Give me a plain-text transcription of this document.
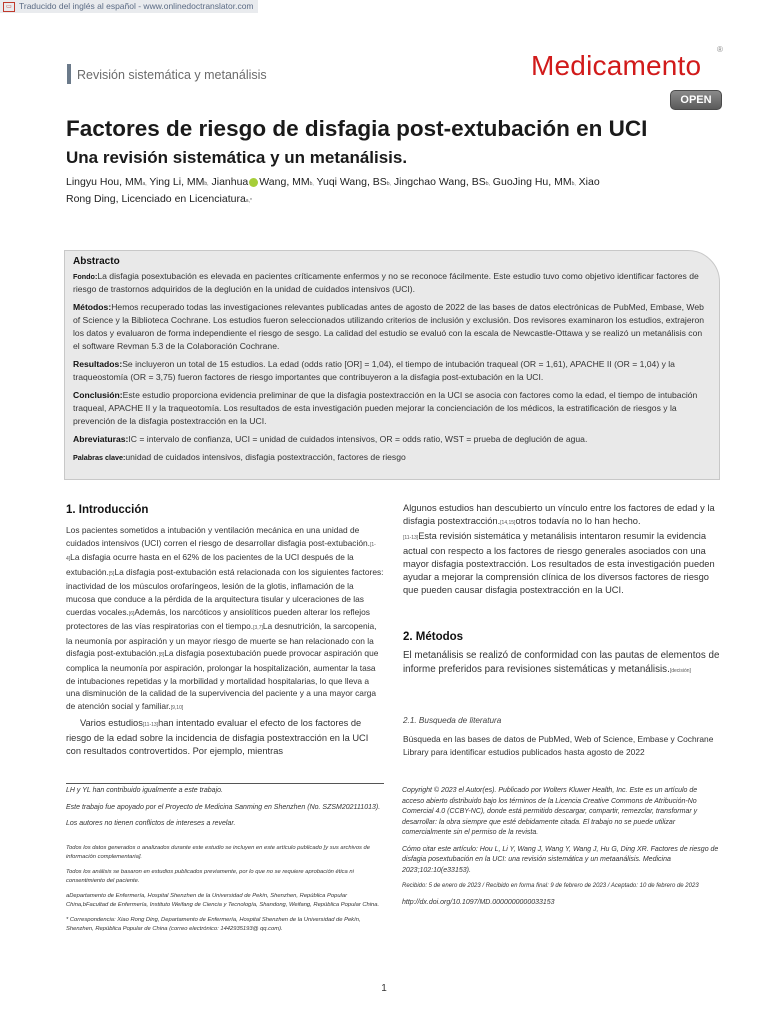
▭ Traducido del inglés al español - www.onlinedoctranslator.com
Revisión sistemática y metanálisis	Medicamento
®
OPEN
Factores de riesgo de disfagia post-extubación en UCI
Una revisión sistemática y un metanálisis.
Lingyu Hou, MMa, Ying Li, MMb, Jianhua Wang, MMb, Yuqi Wang, BSb, Jingchao Wang, BSb, GuoJing Hu, MMb, Xiao
Rong Ding, Licenciado en Licenciaturaa,*
Abstracto

Fondo:La disfagia posextubación es elevada en pacientes críticamente enfermos y no se reconoce fácilmente. Este estudio tuvo como objetivo identificar factores de riesgo de trastornos adquiridos de la deglución en la unidad de cuidados intensivos (UCI).

Métodos:Hemos recuperado todas las investigaciones relevantes publicadas antes de agosto de 2022 de las bases de datos electrónicas de PubMed, Embase, Web of Science y la Biblioteca Cochrane. Los estudios fueron seleccionados utilizando criterios de inclusión y exclusión. Dos revisores examinaron los estudios, extrajeron los datos y evaluaron de forma independiente el riesgo de sesgo. La calidad del estudio se evaluó con la escala de Newcastle-Ottawa y se realizó un metanálisis con el software Revman 5.3 de la Colaboración Cochrane.

Resultados:Se incluyeron un total de 15 estudios. La edad (odds ratio [OR] = 1,04), el tiempo de intubación traqueal (OR = 1,61), APACHE II (OR = 1,04) y la traqueostomía (OR = 3,75) fueron factores de riesgo importantes que contribuyeron a la disfagia post-extubación en la UCI.

Conclusión:Este estudio proporciona evidencia preliminar de que la disfagia postextracción en la UCI se asocia con factores como la edad, el tiempo de intubación traqueal, APACHE II y la traqueotomía. Los resultados de esta investigación pueden mejorar la concienciación de los médicos, la estratificación de riesgos y la prevención de la disfagia postextracción en la UCI.

Abreviaturas:IC = intervalo de confianza, UCI = unidad de cuidados intensivos, OR = odds ratio, WST = prueba de deglución de agua.

Palabras clave:unidad de cuidados intensivos, disfagia postextracción, factores de riesgo

1. Introducción
Los pacientes sometidos a intubación y ventilación mecánica en una unidad de cuidados intensivos (UCI) corren el riesgo de desarrollar disfagia post-extubación.[1-4]La disfagia ocurre hasta en el 62% de los pacientes de la UCI después de la extubación.[5]La disfagia post-extubación está relacionada con los siguientes factores: inactividad de los músculos orofaríngeos, lesión de la glotis, inflamación de la mucosa que conduce a la pérdida de la arquitectura tisular y ulceraciones de las cuerdas vocales.[6]Además, los narcóticos y ansiolíticos pueden alterar los reflejos protectores de las vías respiratorias con el tiempo.[3,7]La desnutrición, la sarcopenia, la neumonía por aspiración y un mayor riesgo de muerte se han relacionado con la disfagia post-extubación.[8]La disfagia posextubación puede provocar aspiración que complica la neumonía por aspiración, prolongar la hospitalización, aumentar la tasa de intubaciones repetidas y la morbilidad y mortalidad hospitalarias, lo que lleva a una disminución de la calidad de la supervivencia del paciente y a una mayor carga de atención social y familiar.[9,10]
Varios estudios[11-13]han intentado evaluar el efecto de los factores de riesgo de la edad sobre la incidencia de disfagia postextracción en la UCI con resultados controvertidos. Por ejemplo, mientras
Algunos estudios han descubierto un vínculo entre los factores de edad y la disfagia postextracción.[14,15]otros todavía no lo han hecho.
[11-13]Esta revisión sistemática y metanálisis intentaron resumir la evidencia actual con respecto a los factores de riesgo generales asociados con una mayor disfagia postextracción. Los resultados de esta investigación pueden ayudar a mejorar la comprensión clínica de los diversos factores de riesgo que pueden causar disfagia postextracción en la UCI.
2. Métodos
El metanálisis se realizó de conformidad con las pautas de elementos de informe preferidos para revisiones sistemáticas y metanálisis.[decisión]
2.1. Busqueda de literatura
Búsqueda en las bases de datos de PubMed, Web of Science, Embase y Cochrane Library para identificar estudios publicados hasta agosto de 2022

LH y YL han contribuido igualmente a este trabajo.

Este trabajo fue apoyado por el Proyecto de Medicina Sanming en Shenzhen (No. SZSM202111013).

Los autores no tienen conflictos de intereses a revelar.

Todos los datos generados o analizados durante este estudio se incluyen en este artículo publicado [y sus archivos de información complementaria].

Todos los análisis se basaron en estudios publicados previamente, por lo que no se requiere aprobación ética ni consentimiento del paciente.

aDepartamento de Enfermería, Hospital Shenzhen de la Universidad de Pekín, Shenzhen, República Popular China,bFacultad de Enfermería, Instituto Weifang de Ciencia y Tecnología, Shandong, Weifang, República Popular China.

* Correspondencia: Xiao Rong Ding, Departamento de Enfermería, Hospital Shenzhen de la Universidad de Pekín, Shenzhen, República Popular de China (correo electrónico: 1442935193@ qq.com).

Copyright © 2023 el Autor(es). Publicado por Wolters Kluwer Health, Inc. Este es un artículo de acceso abierto distribuido bajo los términos de la Licencia Creative Commons de Atribución-No Comercial 4.0 (CCBY-NC), donde está permitido descargar, compartir, remezclar, transformar y desarrollar: la obra siempre que esté debidamente citada. El trabajo no se puede utilizar comercialmente sin el permiso de la revista.

Cómo citar este artículo: Hou L, Li Y, Wang J, Wang Y, Wang J, Hu G, Ding XR. Factores de riesgo de disfagia posextubación en la UCI: una revisión sistemática y un metaanálisis. Medicina 2023;102:10(e33153).

Recibido: 5 de enero de 2023 / Recibido en forma final: 9 de febrero de 2023 / Aceptado: 10 de febrero de 2023

http://dx.doi.org/10.1097/MD.0000000000033153

1
